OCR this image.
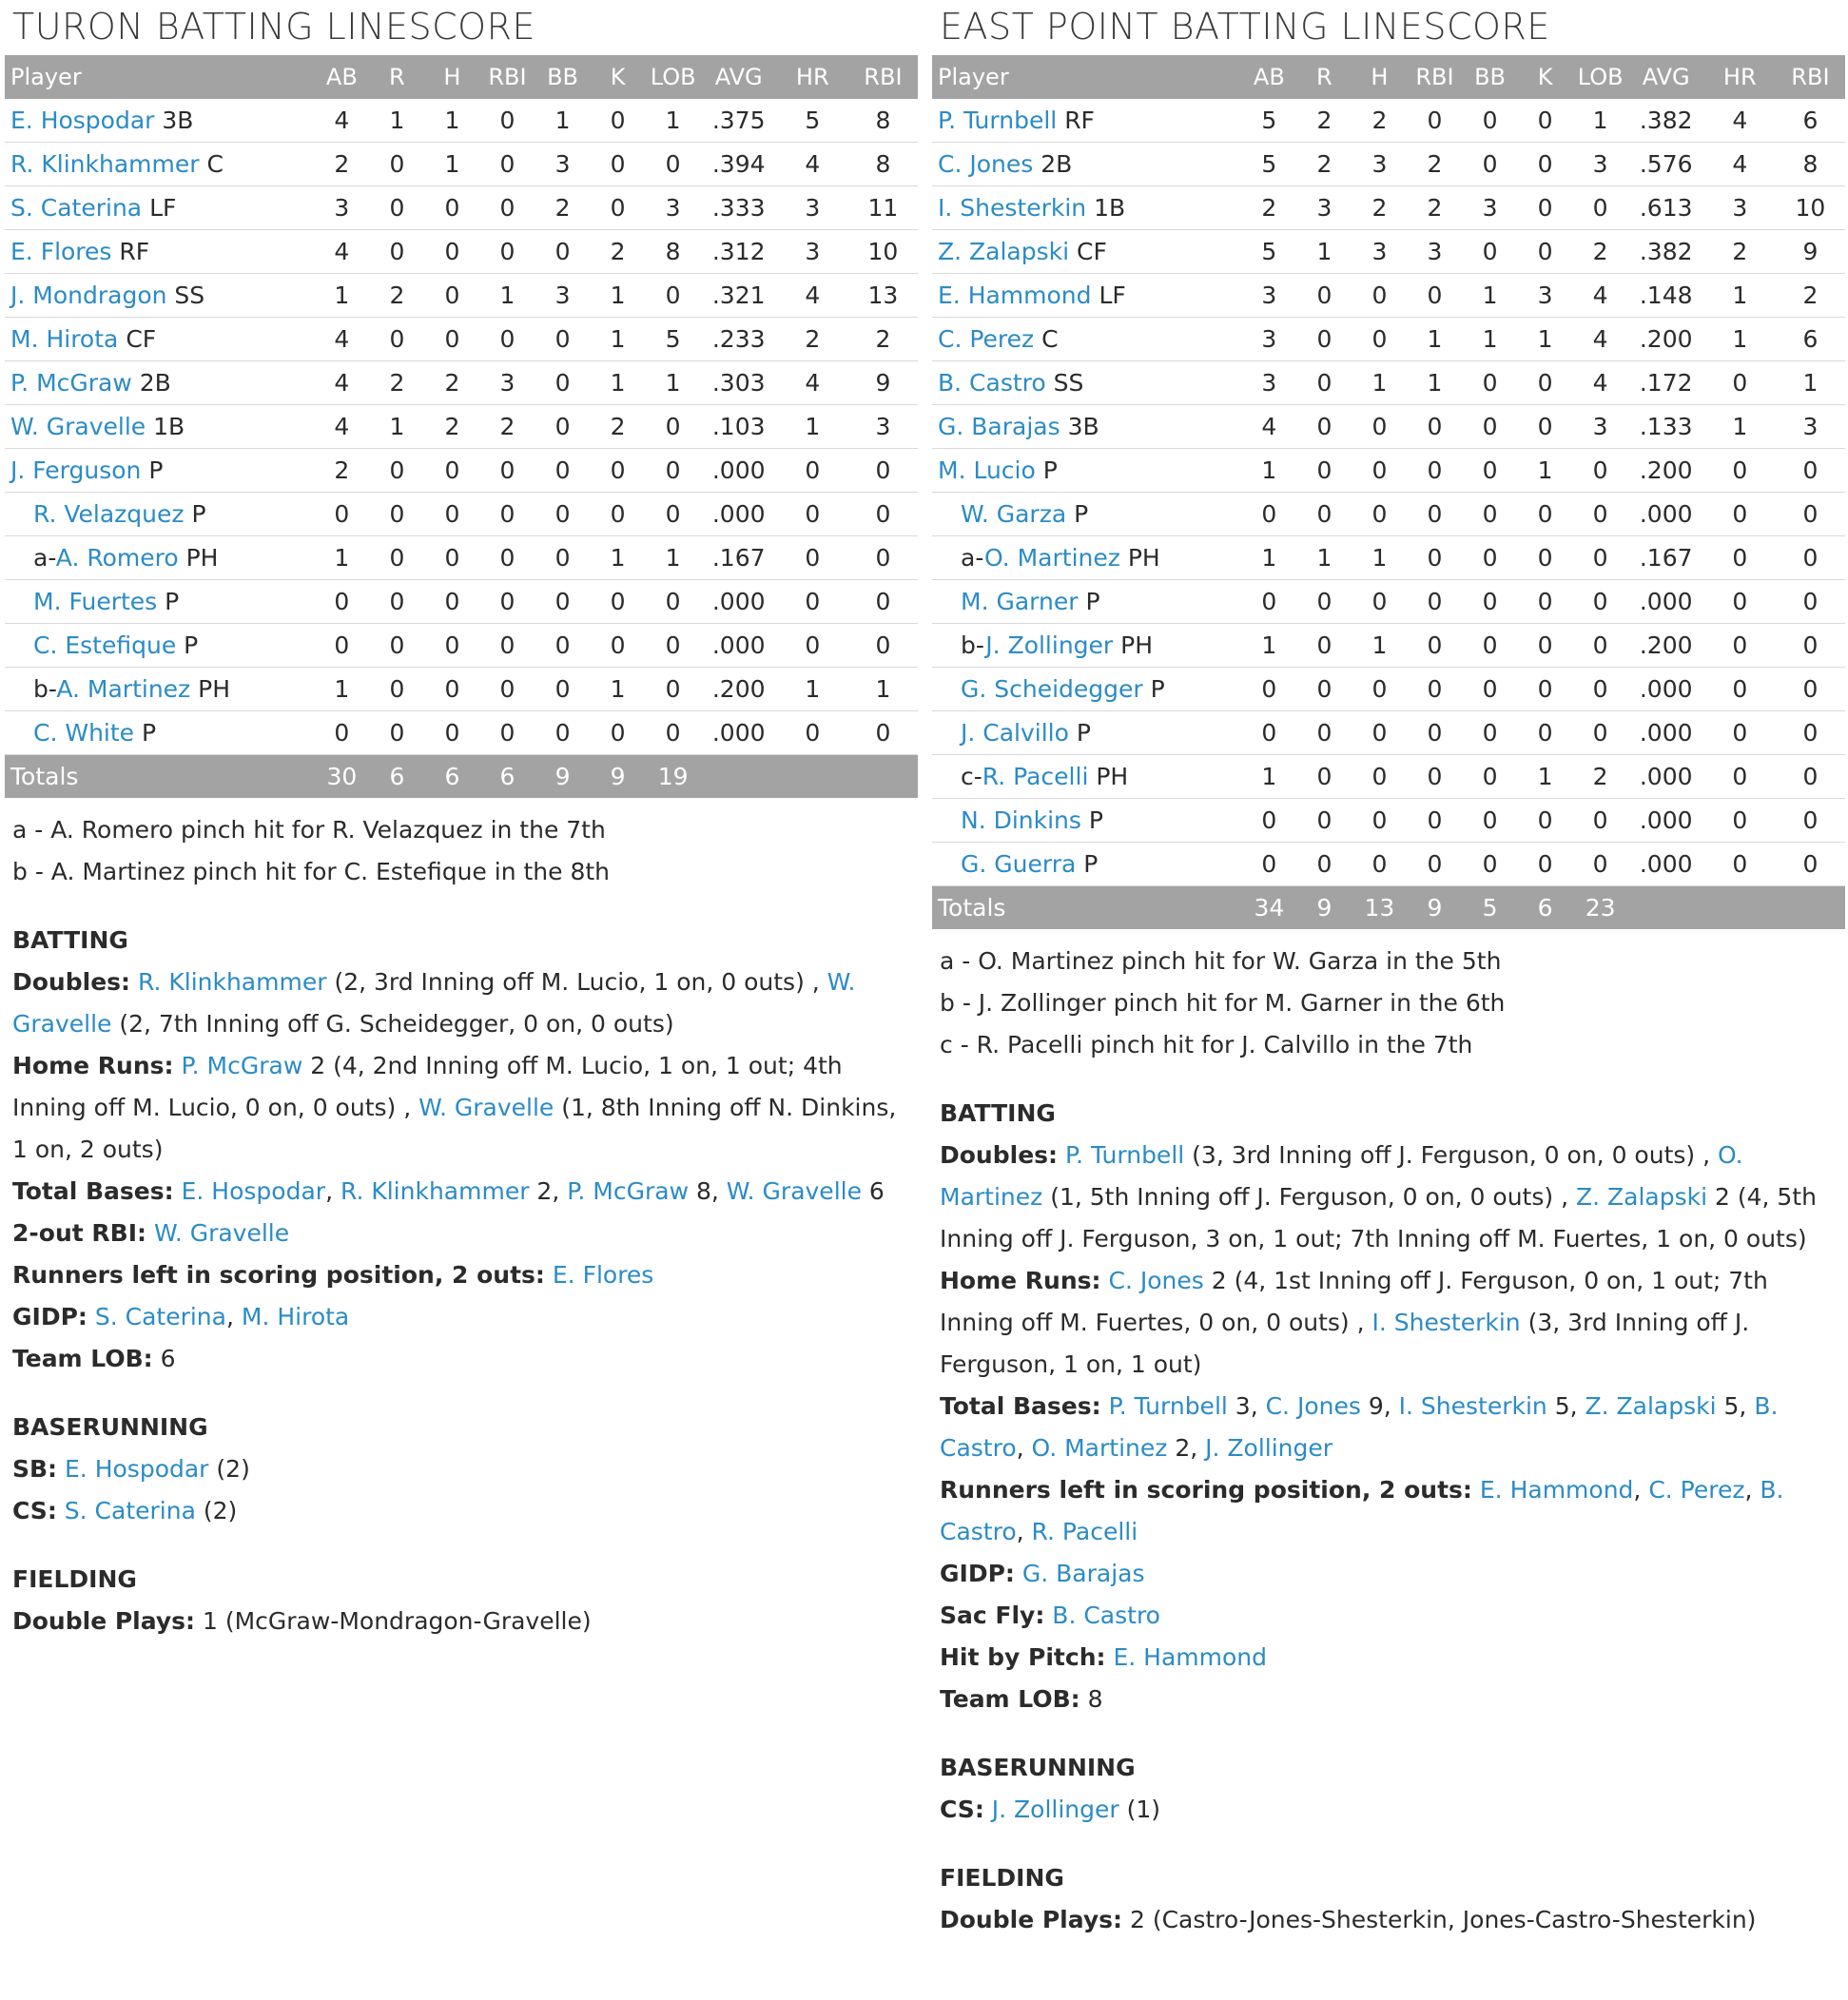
TURON BATTING LINESCORE
Player	AB	R	H	RBI	BB	K	LOB	AVG	HR	RBI
E. Hospodar 3B	4	1	1	0	1	0	1	.375	5	8
R. Klinkhammer C	2	0	1	0	3	0	0	.394	4	8
S. Caterina LF	3	0	0	0	2	0	3	.333	3	11
E. Flores RF	4	0	0	0	0	2	8	.312	3	10
J. Mondragon SS	1	2	0	1	3	1	0	.321	4	13
M. Hirota CF	4	0	0	0	0	1	5	.233	2	2
P. McGraw 2B	4	2	2	3	0	1	1	.303	4	9
W. Gravelle 1B	4	1	2	2	0	2	0	.103	1	3
J. Ferguson P	2	0	0	0	0	0	0	.000	0	0
R. Velazquez P	0	0	0	0	0	0	0	.000	0	0
a-A. Romero PH	1	0	0	0	0	1	1	.167	0	0
M. Fuertes P	0	0	0	0	0	0	0	.000	0	0
C. Estefique P	0	0	0	0	0	0	0	.000	0	0
b-A. Martinez PH	1	0	0	0	0	1	0	.200	1	1
C. White P	0	0	0	0	0	0	0	.000	0	0
Totals	30	6	6	6	9	9	19			
a - A. Romero pinch hit for R. Velazquez in the 7th
b - A. Martinez pinch hit for C. Estefique in the 8th
BATTING
Doubles: R. Klinkhammer (2, 3rd Inning off M. Lucio, 1 on, 0 outs) , W. Gravelle (2, 7th Inning off G. Scheidegger, 0 on, 0 outs)
Home Runs: P. McGraw 2 (4, 2nd Inning off M. Lucio, 1 on, 1 out; 4th Inning off M. Lucio, 0 on, 0 outs) , W. Gravelle (1, 8th Inning off N. Dinkins, 1 on, 2 outs)
Total Bases: E. Hospodar, R. Klinkhammer 2, P. McGraw 8, W. Gravelle 6
2-out RBI: W. Gravelle
Runners left in scoring position, 2 outs: E. Flores
GIDP: S. Caterina, M. Hirota
Team LOB: 6
BASERUNNING
SB: E. Hospodar (2)
CS: S. Caterina (2)
FIELDING
Double Plays: 1 (McGraw-Mondragon-Gravelle)
EAST POINT BATTING LINESCORE
Player	AB	R	H	RBI	BB	K	LOB	AVG	HR	RBI
P. Turnbell RF	5	2	2	0	0	0	1	.382	4	6
C. Jones 2B	5	2	3	2	0	0	3	.576	4	8
I. Shesterkin 1B	2	3	2	2	3	0	0	.613	3	10
Z. Zalapski CF	5	1	3	3	0	0	2	.382	2	9
E. Hammond LF	3	0	0	0	1	3	4	.148	1	2
C. Perez C	3	0	0	1	1	1	4	.200	1	6
B. Castro SS	3	0	1	1	0	0	4	.172	0	1
G. Barajas 3B	4	0	0	0	0	0	3	.133	1	3
M. Lucio P	1	0	0	0	0	1	0	.200	0	0
W. Garza P	0	0	0	0	0	0	0	.000	0	0
a-O. Martinez PH	1	1	1	0	0	0	0	.167	0	0
M. Garner P	0	0	0	0	0	0	0	.000	0	0
b-J. Zollinger PH	1	0	1	0	0	0	0	.200	0	0
G. Scheidegger P	0	0	0	0	0	0	0	.000	0	0
J. Calvillo P	0	0	0	0	0	0	0	.000	0	0
c-R. Pacelli PH	1	0	0	0	0	1	2	.000	0	0
N. Dinkins P	0	0	0	0	0	0	0	.000	0	0
G. Guerra P	0	0	0	0	0	0	0	.000	0	0
Totals	34	9	13	9	5	6	23			
a - O. Martinez pinch hit for W. Garza in the 5th
b - J. Zollinger pinch hit for M. Garner in the 6th
c - R. Pacelli pinch hit for J. Calvillo in the 7th
BATTING
Doubles: P. Turnbell (3, 3rd Inning off J. Ferguson, 0 on, 0 outs) , O. Martinez (1, 5th Inning off J. Ferguson, 0 on, 0 outs) , Z. Zalapski 2 (4, 5th Inning off J. Ferguson, 3 on, 1 out; 7th Inning off M. Fuertes, 1 on, 0 outs)
Home Runs: C. Jones 2 (4, 1st Inning off J. Ferguson, 0 on, 1 out; 7th Inning off M. Fuertes, 0 on, 0 outs) , I. Shesterkin (3, 3rd Inning off J. Ferguson, 1 on, 1 out)
Total Bases: P. Turnbell 3, C. Jones 9, I. Shesterkin 5, Z. Zalapski 5, B. Castro, O. Martinez 2, J. Zollinger
Runners left in scoring position, 2 outs: E. Hammond, C. Perez, B. Castro, R. Pacelli
GIDP: G. Barajas
Sac Fly: B. Castro
Hit by Pitch: E. Hammond
Team LOB: 8
BASERUNNING
CS: J. Zollinger (1)
FIELDING
Double Plays: 2 (Castro-Jones-Shesterkin, Jones-Castro-Shesterkin)
